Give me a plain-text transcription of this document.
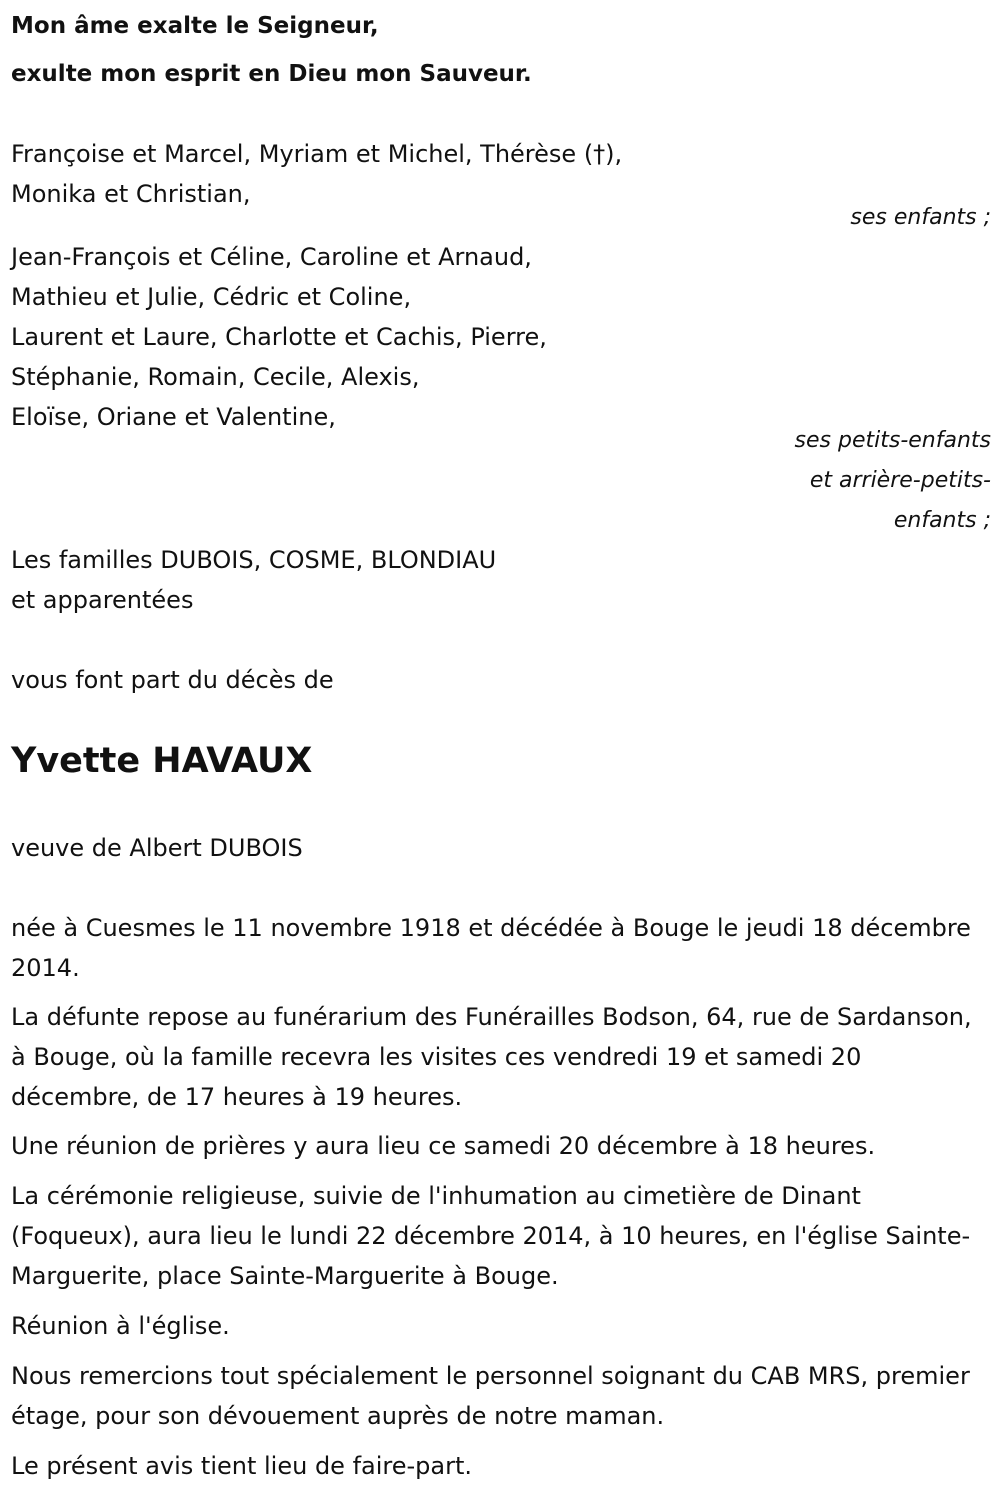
Mon âme exalte le Seigneur,
exulte mon esprit en Dieu mon Sauveur.
Françoise et Marcel, Myriam et Michel, Thérèse (†),
Monika et Christian,
ses enfants ;
Jean-François et Céline, Caroline et Arnaud,
Mathieu et Julie, Cédric et Coline,
Laurent et Laure, Charlotte et Cachis, Pierre,
Stéphanie, Romain, Cecile, Alexis,
Eloïse, Oriane et Valentine,
ses petits-enfants
et arrière-petits-
enfants ;
Les familles DUBOIS, COSME, BLONDIAU
et apparentées
vous font part du décès de
Yvette HAVAUX
veuve de Albert DUBOIS
née à Cuesmes le 11 novembre 1918 et décédée à Bouge le jeudi 18 décembre 2014.
La défunte repose au funérarium des Funérailles Bodson, 64, rue de Sardanson, à Bouge, où la famille recevra les visites ces vendredi 19 et samedi 20 décembre, de 17 heures à 19 heures.
Une réunion de prières y aura lieu ce samedi 20 décembre à 18 heures.
La cérémonie religieuse, suivie de l'inhumation au cimetière de Dinant (Foqueux), aura lieu le lundi 22 décembre 2014, à 10 heures, en l'église Sainte-Marguerite, place Sainte-Marguerite à Bouge.
Réunion à l'église.
Nous remercions tout spécialement le personnel soignant du CAB MRS, premier étage, pour son dévouement auprès de notre maman.
Le présent avis tient lieu de faire-part.
